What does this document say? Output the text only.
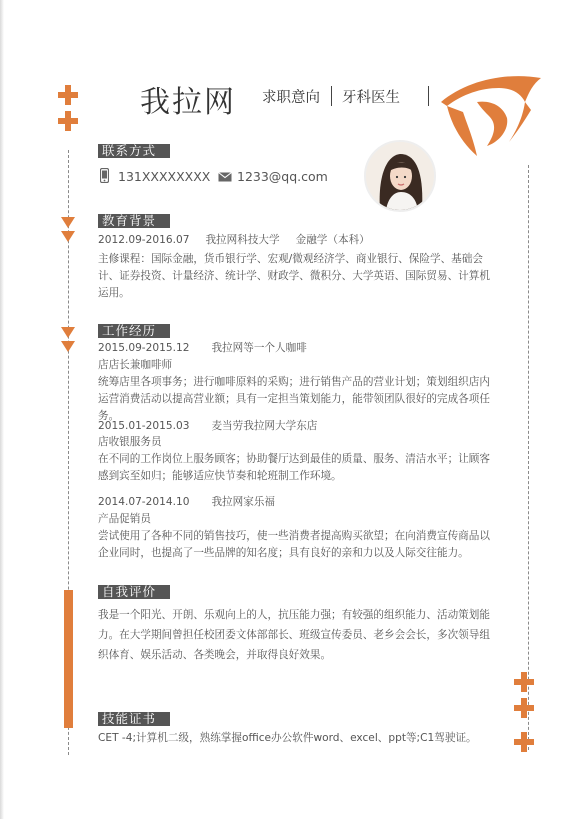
我拉网 求职意向 牙科医生
联系方式
131XXXXXXXX 1233@qq.com
教育背景
2012.09-2016.07 我拉网科技大学 金融学（本科）
主修课程：国际金融，货币银行学、宏观/微观经济学、商业银行、保险学、基础会计、证券投资、计量经济、统计学、财政学、微积分、大学英语、国际贸易、计算机运用。
工作经历
2015.09-2015.12 我拉网等一个人咖啡
店店长兼咖啡师
统筹店里各项事务；进行咖啡原料的采购；进行销售产品的营业计划；策划组织店内运营消费活动以提高营业额；具有一定担当策划能力，能带领团队很好的完成各项任务。
2015.01-2015.03 麦当劳我拉网大学东店
店收银服务员
在不同的工作岗位上服务顾客；协助餐厅达到最佳的质量、服务、清洁水平；让顾客感到宾至如归；能够适应快节奏和轮班制工作环境。
2014.07-2014.10 我拉网家乐福
产品促销员
尝试使用了各种不同的销售技巧，使一些消费者提高购买欲望；在向消费宣传商品以企业同时，也提高了一些品牌的知名度；具有良好的亲和力以及人际交往能力。
自我评价
我是一个阳光、开朗、乐观向上的人，抗压能力强；有较强的组织能力、活动策划能力。在大学期间曾担任校团委文体部部长、班级宣传委员、老乡会会长，多次领导组织体育、娱乐活动、各类晚会，并取得良好效果。
技能证书
CET -4;计算机二级，熟练掌握office办公软件word、excel、ppt等;C1驾驶证。
